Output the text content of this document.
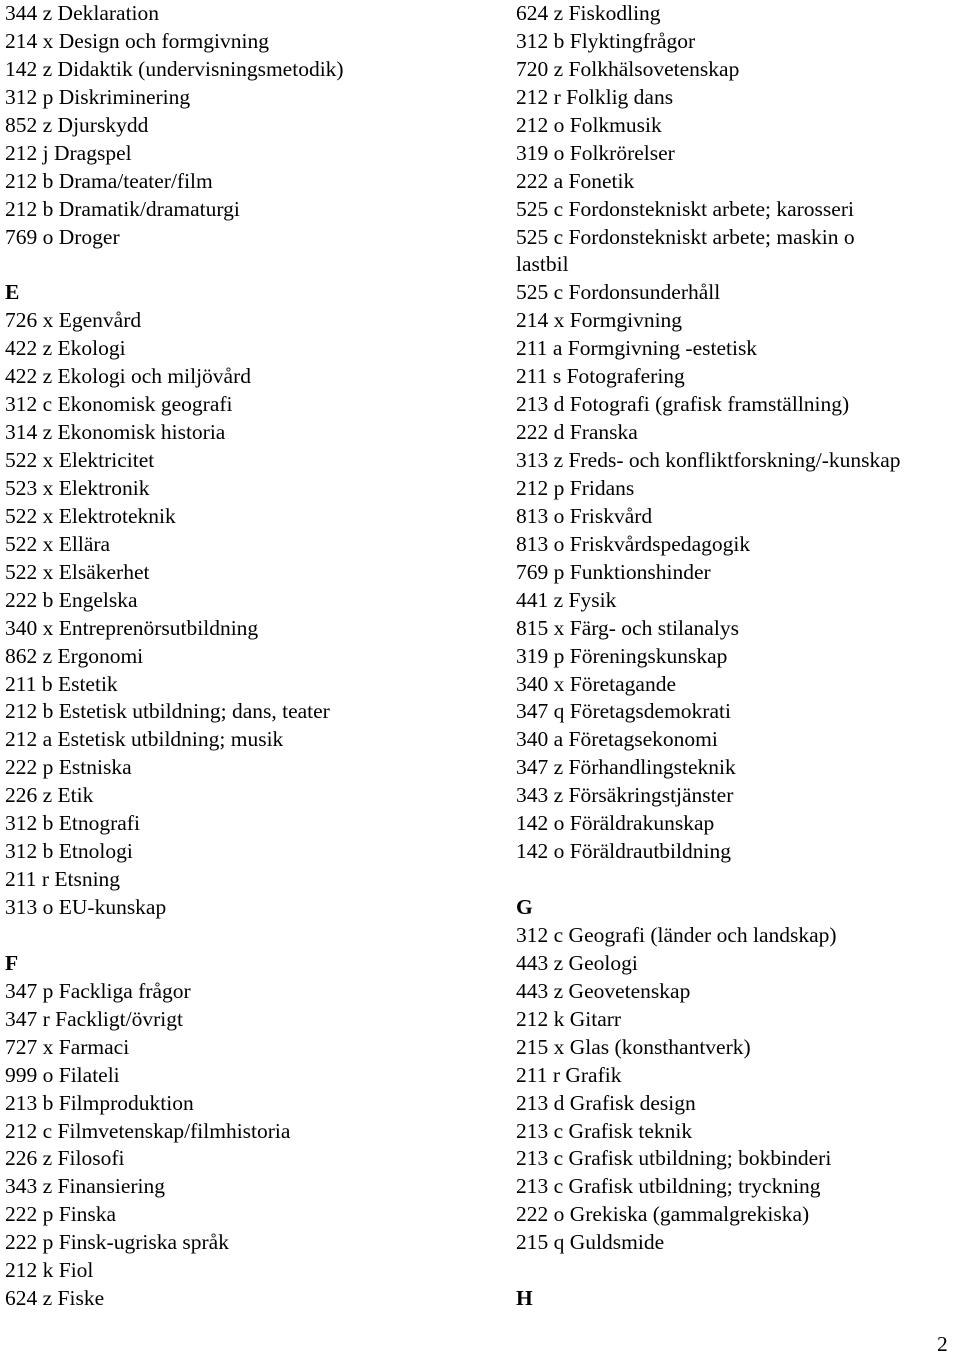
344 z Deklaration
214 x Design och formgivning
142 z Didaktik (undervisningsmetodik)
312 p Diskriminering
852 z Djurskydd
212 j Dragspel
212 b Drama/teater/film
212 b Dramatik/dramaturgi
769 o Droger
E
726 x Egenvård
422 z Ekologi
422 z Ekologi och miljövård
312 c Ekonomisk geografi
314 z Ekonomisk historia
522 x Elektricitet
523 x Elektronik
522 x Elektroteknik
522 x Ellära
522 x Elsäkerhet
222 b Engelska
340 x Entreprenörsutbildning
862 z Ergonomi
211 b Estetik
212 b Estetisk utbildning; dans, teater
212 a Estetisk utbildning; musik
222 p Estniska
226 z Etik
312 b Etnografi
312 b Etnologi
211 r Etsning
313 o EU-kunskap
F
347 p Fackliga frågor
347 r Fackligt/övrigt
727 x Farmaci
999 o Filateli
213 b Filmproduktion
212 c Filmvetenskap/filmhistoria
226 z Filosofi
343 z Finansiering
222 p Finska
222 p Finsk-ugriska språk
212 k Fiol
624 z Fiske
624 z Fiskodling
312 b Flyktingfrågor
720 z Folkhälsovetenskap
212 r Folklig dans
212 o Folkmusik
319 o Folkrörelser
222 a Fonetik
525 c Fordonstekniskt arbete; karosseri
525 c Fordonstekniskt arbete; maskin o
lastbil
525 c Fordonsunderhåll
214 x Formgivning
211 a Formgivning -estetisk
211 s Fotografering
213 d Fotografi (grafisk framställning)
222 d Franska
313 z Freds- och konfliktforskning/-kunskap
212 p Fridans
813 o Friskvård
813 o Friskvårdspedagogik
769 p Funktionshinder
441 z Fysik
815 x Färg- och stilanalys
319 p Föreningskunskap
340 x Företagande
347 q Företagsdemokrati
340 a Företagsekonomi
347 z Förhandlingsteknik
343 z Försäkringstjänster
142 o Föräldrakunskap
142 o Föräldrautbildning
G
312 c Geografi (länder och landskap)
443 z Geologi
443 z Geovetenskap
212 k Gitarr
215 x Glas (konsthantverk)
211 r Grafik
213 d Grafisk design
213 c Grafisk teknik
213 c Grafisk utbildning; bokbinderi
213 c Grafisk utbildning; tryckning
222 o Grekiska (gammalgrekiska)
215 q Guldsmide
H
2
